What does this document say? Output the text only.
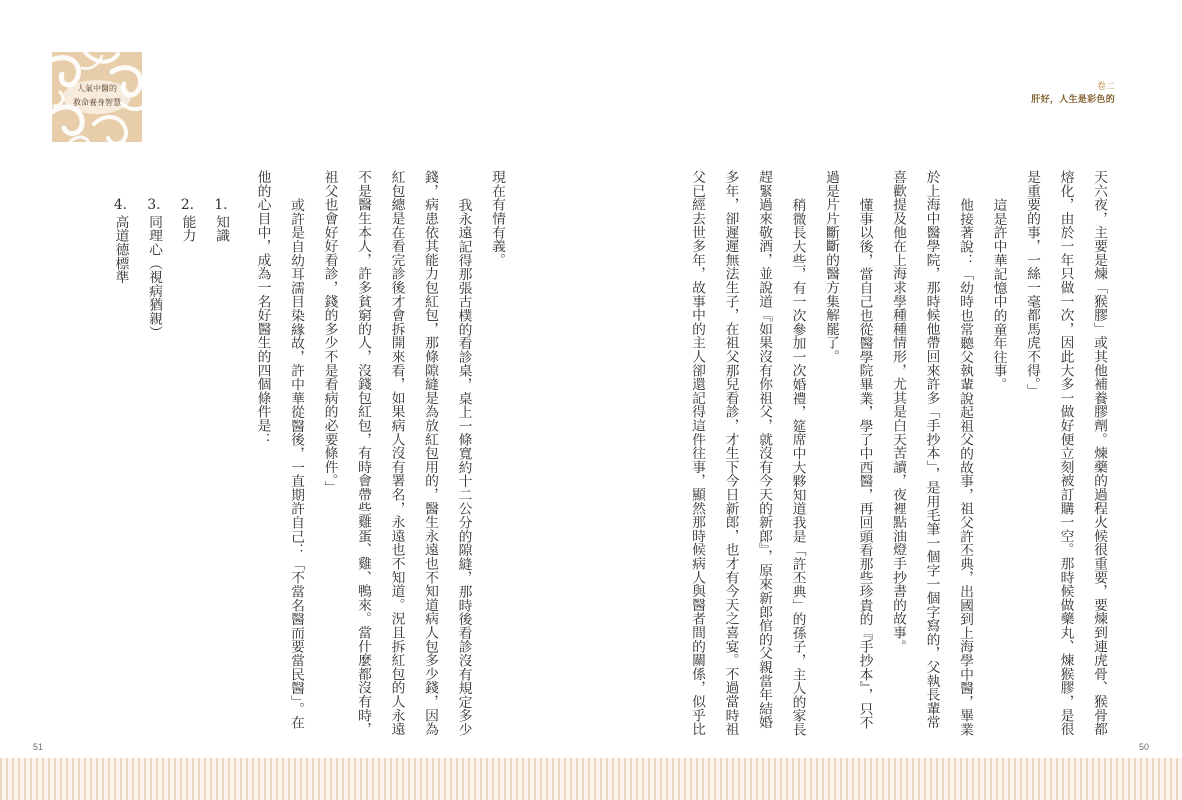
人氣中醫的
救命養身智慧
卷二
肝好，人生是彩色的
天六夜，主要是煉「猴膠」或其他補養膠劑。煉藥的過程火候很重要，要煉到連虎骨、猴骨都
熔化，由於一年只做一次，因此大多一做好便立刻被訂購一空。那時候做藥丸、煉猴膠，是很
是重要的事，一絲一毫都馬虎不得。」
這是許中華記憶中的童年往事。
他接著說：「幼時也常聽父執輩說起祖父的故事，祖父許丕典，出國到上海學中醫，畢業
於上海中醫學院，那時候他帶回來許多「手抄本」，是用毛筆一個字一個字寫的，父執長輩常
喜歡提及他在上海求學種種情形，尤其是白天苦讀，夜裡點油燈手抄書的故事。
懂事以後，當自己也從醫學院畢業，學了中西醫，再回頭看那些珍貴的『手抄本』，只不
過是片片斷斷的醫方集解罷了。
稍微長大些，有一次參加一次婚禮，筵席中大夥知道我是「許丕典」的孫子，主人的家長
趕緊過來敬酒，並說道『如果沒有你祖父，就沒有今天的新郎』，原來新郎倌的父親當年結婚
多年，卻遲遲無法生子，在祖父那兒看診，才生下今日新郎，也才有今天之喜宴。不過當時祖
父已經去世多年，故事中的主人卻還記得這件往事，顯然那時候病人與醫者間的關係，似乎比
現在有情有義。
我永遠記得那張古樸的看診桌，桌上一條寬約十二公分的隙縫，那時後看診沒有規定多少
錢，病患依其能力包紅包，那條隙縫是為放紅包用的，醫生永遠也不知道病人包多少錢，因為
紅包總是在看完診後才會拆開來看，如果病人沒有署名，永遠也不知道。況且拆紅包的人永遠
不是醫生本人，許多貧窮的人，沒錢包紅包，有時會帶些雞蛋、雞、鴨來。當什麼都沒有時，
祖父也會好好看診，錢的多少不是看病的必要條件。」
或許是自幼耳濡目染緣故，許中華從醫後，一直期許自己：「不當名醫而要當民醫」。在
他的心目中，成為一名好醫生的四個條件是：
1.知識
2.能力
3.同理心（視病猶親）
4.高道德標準
51	50
